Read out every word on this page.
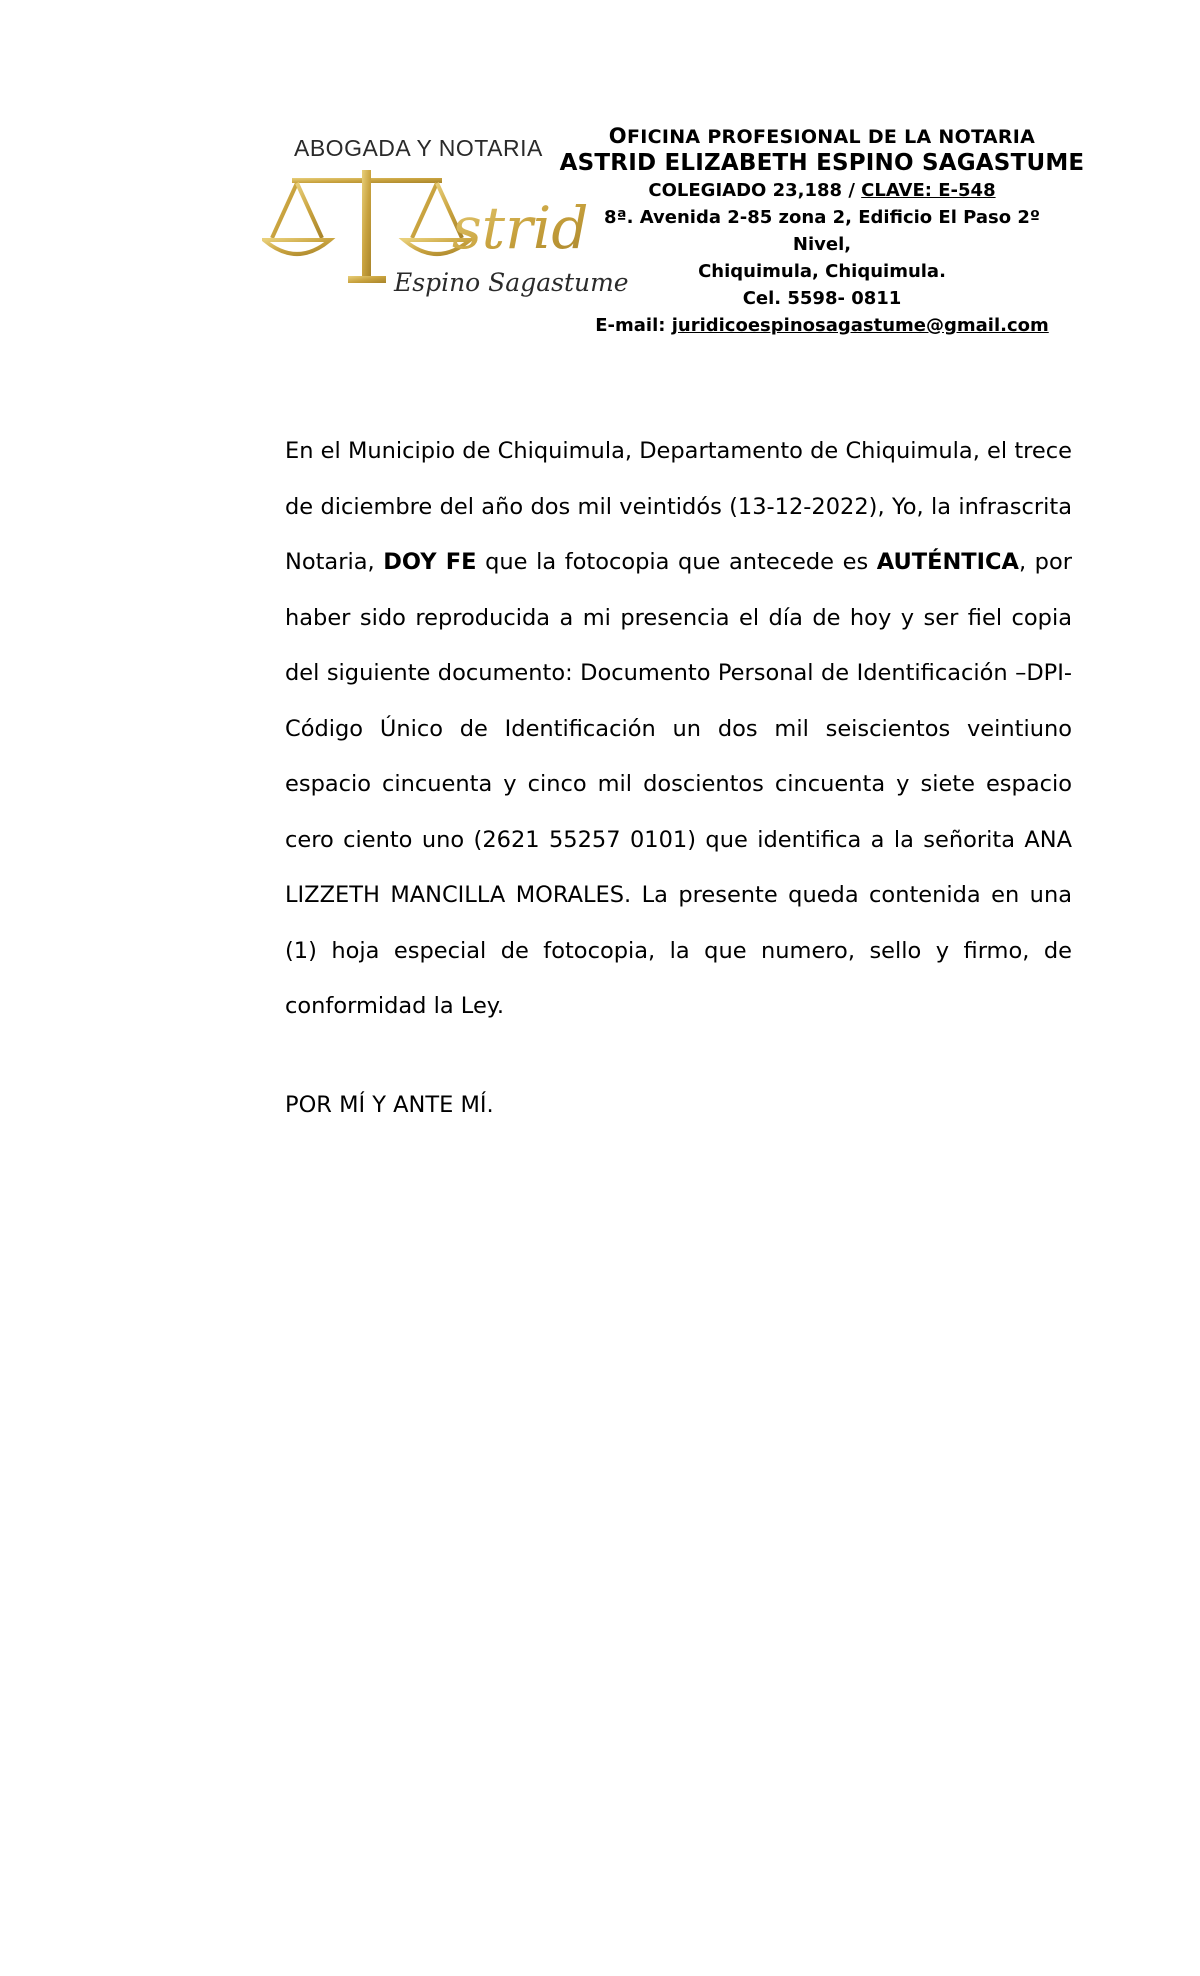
ABOGADA Y NOTARIA
strid
Espino Sagastume
OFICINA PROFESIONAL DE LA NOTARIA
ASTRID ELIZABETH ESPINO SAGASTUME
COLEGIADO 23,188 / CLAVE: E-548
8ª. Avenida 2-85 zona 2, Edificio El Paso 2º
Nivel,
Chiquimula, Chiquimula.
Cel. 5598- 0811
E-mail: juridicoespinosagastume@gmail.com

En el Municipio de Chiquimula, Departamento de Chiquimula, el trece de diciembre del año dos mil veintidós (13-12-2022), Yo, la infrascrita Notaria, DOY FE que la fotocopia que antecede es AUTÉNTICA, por haber sido reproducida a mi presencia el día de hoy y ser fiel copia del siguiente documento: Documento Personal de Identificación –DPI- Código Único de Identificación un dos mil seiscientos veintiuno espacio cincuenta y cinco mil doscientos cincuenta y siete espacio cero ciento uno (2621 55257 0101) que identifica a la señorita ANA LIZZETH MANCILLA MORALES. La presente queda contenida en una (1) hoja especial de fotocopia, la que numero, sello y firmo, de conformidad la Ley.

POR MÍ Y ANTE MÍ.
